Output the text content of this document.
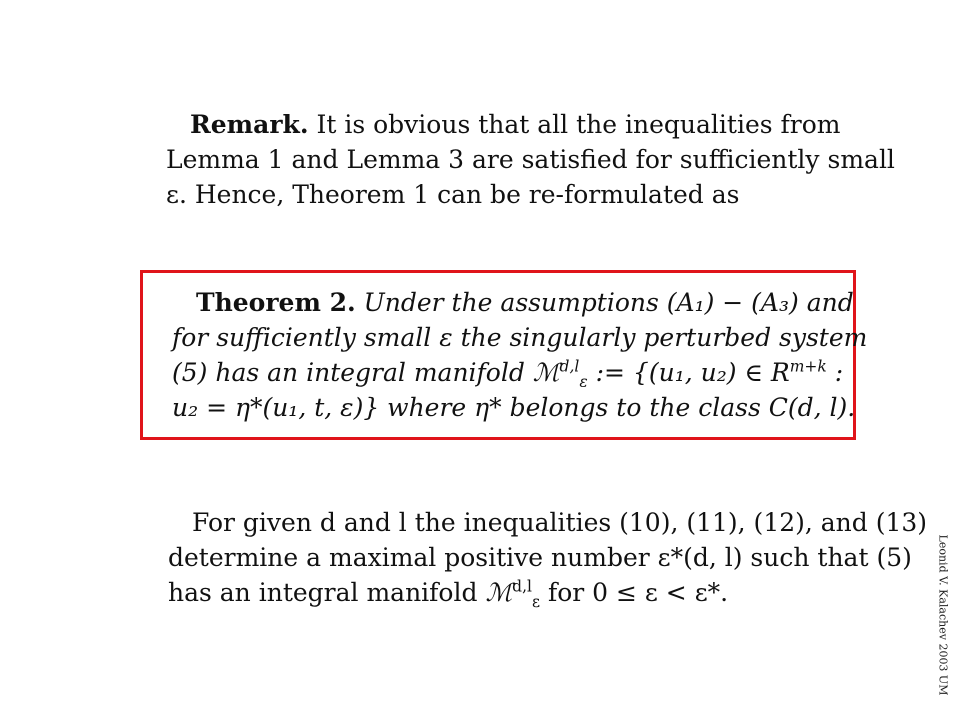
Remark. It is obvious that all the inequalities from
Lemma 1 and Lemma 3 are satisfied for sufficiently small
ε. Hence, Theorem 1 can be re-formulated as
Theorem 2. Under the assumptions (A₁) − (A₃) and
for sufficiently small ε the singularly perturbed system
(5) has an integral manifold ℳ$^{d,l}_\varepsilon$ := {(u₁, u₂) ∈ $R^{m+k}$ :
u₂ = η*(u₁, t, ε)} where η* belongs to the class C(d, l).
For given d and l the inequalities (10), (11), (12), and (13)
determine a maximal positive number ε*(d, l) such that (5)
has an integral manifold ℳ$^{d,l}_\varepsilon$ for 0 ≤ ε < ε*.	Leonid V. Kalachev 2003 UM
